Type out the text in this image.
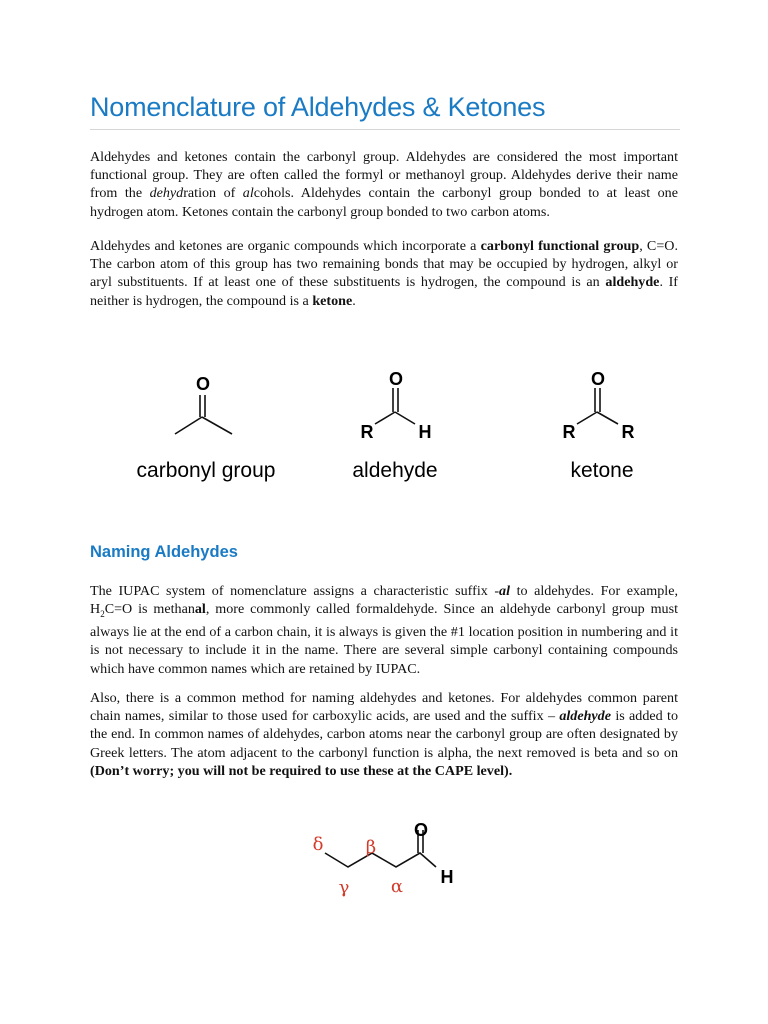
Nomenclature of Aldehydes & Ketones

Aldehydes and ketones contain the carbonyl group. Aldehydes are considered the most important functional group. They are often called the formyl or methanoyl group. Aldehydes derive their name from the dehydration of alcohols. Aldehydes contain the carbonyl group bonded to at least one hydrogen atom. Ketones contain the carbonyl group bonded to two carbon atoms.

Aldehydes and ketones are organic compounds which incorporate a carbonyl functional group, C=O. The carbon atom of this group has two remaining bonds that may be occupied by hydrogen, alkyl or aryl substituents. If at least one of these substituents is hydrogen, the compound is an aldehyde. If neither is hydrogen, the compound is a ketone.

O
carbonyl group
O
R	H
aldehyde
O
R	R
ketone
Naming Aldehydes

The IUPAC system of nomenclature assigns a characteristic suffix -al to aldehydes. For example, $H_2C=O$ is methanal, more commonly called formaldehyde. Since an aldehyde carbonyl group must always lie at the end of a carbon chain, it is always is given the #1 location position in numbering and it is not necessary to include it in the name. There are several simple carbonyl containing compounds which have common names which are retained by IUPAC.

Also, there is a common method for naming aldehydes and ketones. For aldehydes common parent chain names, similar to those used for carboxylic acids, are used and the suffix – aldehyde is added to the end. In common names of aldehydes, carbon atoms near the carbonyl group are often designated by Greek letters. The atom adjacent to the carbonyl function is alpha, the next removed is beta and so on (Don’t worry; you will not be required to use these at the CAPE level).

O
H
δ β
γ α
